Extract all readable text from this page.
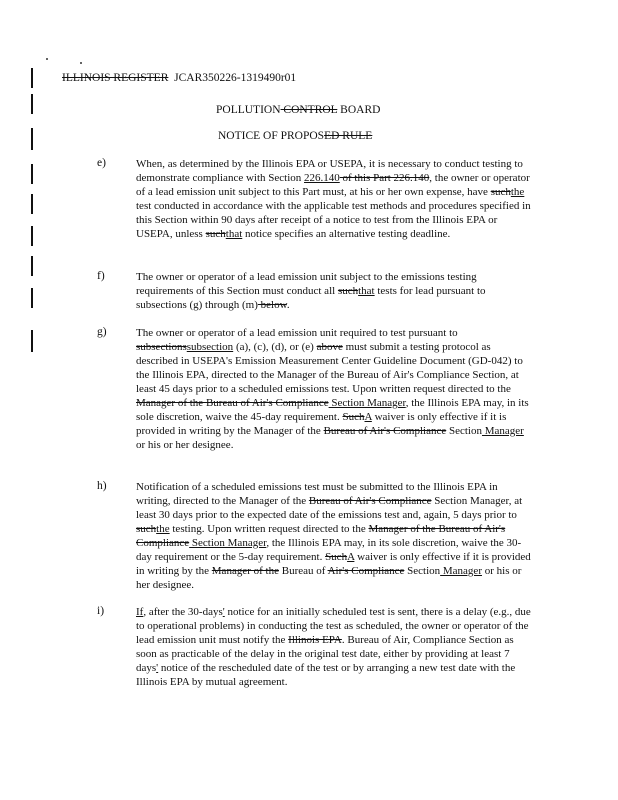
ILLINOIS REGISTER JCAR350226-1319490r01
POLLUTION CONTROL BOARD
NOTICE OF PROPOSED RULE
e)	When, as determined by the Illinois EPA or USEPA, it is necessary to conduct testing to demonstrate compliance with Section 226.140 of this Part 226.140, the owner or operator of a lead emission unit subject to this Part must, at his or her own expense, have suchthe test conducted in accordance with the applicable test methods and procedures specified in this Section within 90 days after receipt of a notice to test from the Illinois EPA or USEPA, unless suchthat notice specifies an alternative testing deadline.

f)	The owner or operator of a lead emission unit subject to the emissions testing requirements of this Section must conduct all suchthat tests for lead pursuant to subsections (g) through (m) below.

g)	The owner or operator of a lead emission unit required to test pursuant to subsectionssubsection (a), (c), (d), or (e) above must submit a testing protocol as described in USEPA's Emission Measurement Center Guideline Document (GD-042) to the Illinois EPA, directed to the Manager of the Bureau of Air's Compliance Section, at least 45 days prior to a scheduled emissions test. Upon written request directed to the Manager of the Bureau of Air's Compliance Section Manager, the Illinois EPA may, in its sole discretion, waive the 45-day requirement. SuchA waiver is only effective if it is provided in writing by the Manager of the Bureau of Air's Compliance Section Manager or his or her designee.

h)	Notification of a scheduled emissions test must be submitted to the Illinois EPA in writing, directed to the Manager of the Bureau of Air's Compliance Section Manager, at least 30 days prior to the expected date of the emissions test and, again, 5 days prior to suchthe testing. Upon written request directed to the Manager of the Bureau of Air's Compliance Section Manager, the Illinois EPA may, in its sole discretion, waive the 30-day requirement or the 5-day requirement. SuchA waiver is only effective if it is provided in writing by the Manager of the Bureau of Air's Compliance Section Manager or his or her designee.

i)	If, after the 30-days' notice for an initially scheduled test is sent, there is a delay (e.g., due to operational problems) in conducting the test as scheduled, the owner or operator of the lead emission unit must notify the Illinois EPA. Bureau of Air, Compliance Section as soon as practicable of the delay in the original test date, either by providing at least 7 days' notice of the rescheduled date of the test or by arranging a new test date with the Illinois EPA by mutual agreement.
